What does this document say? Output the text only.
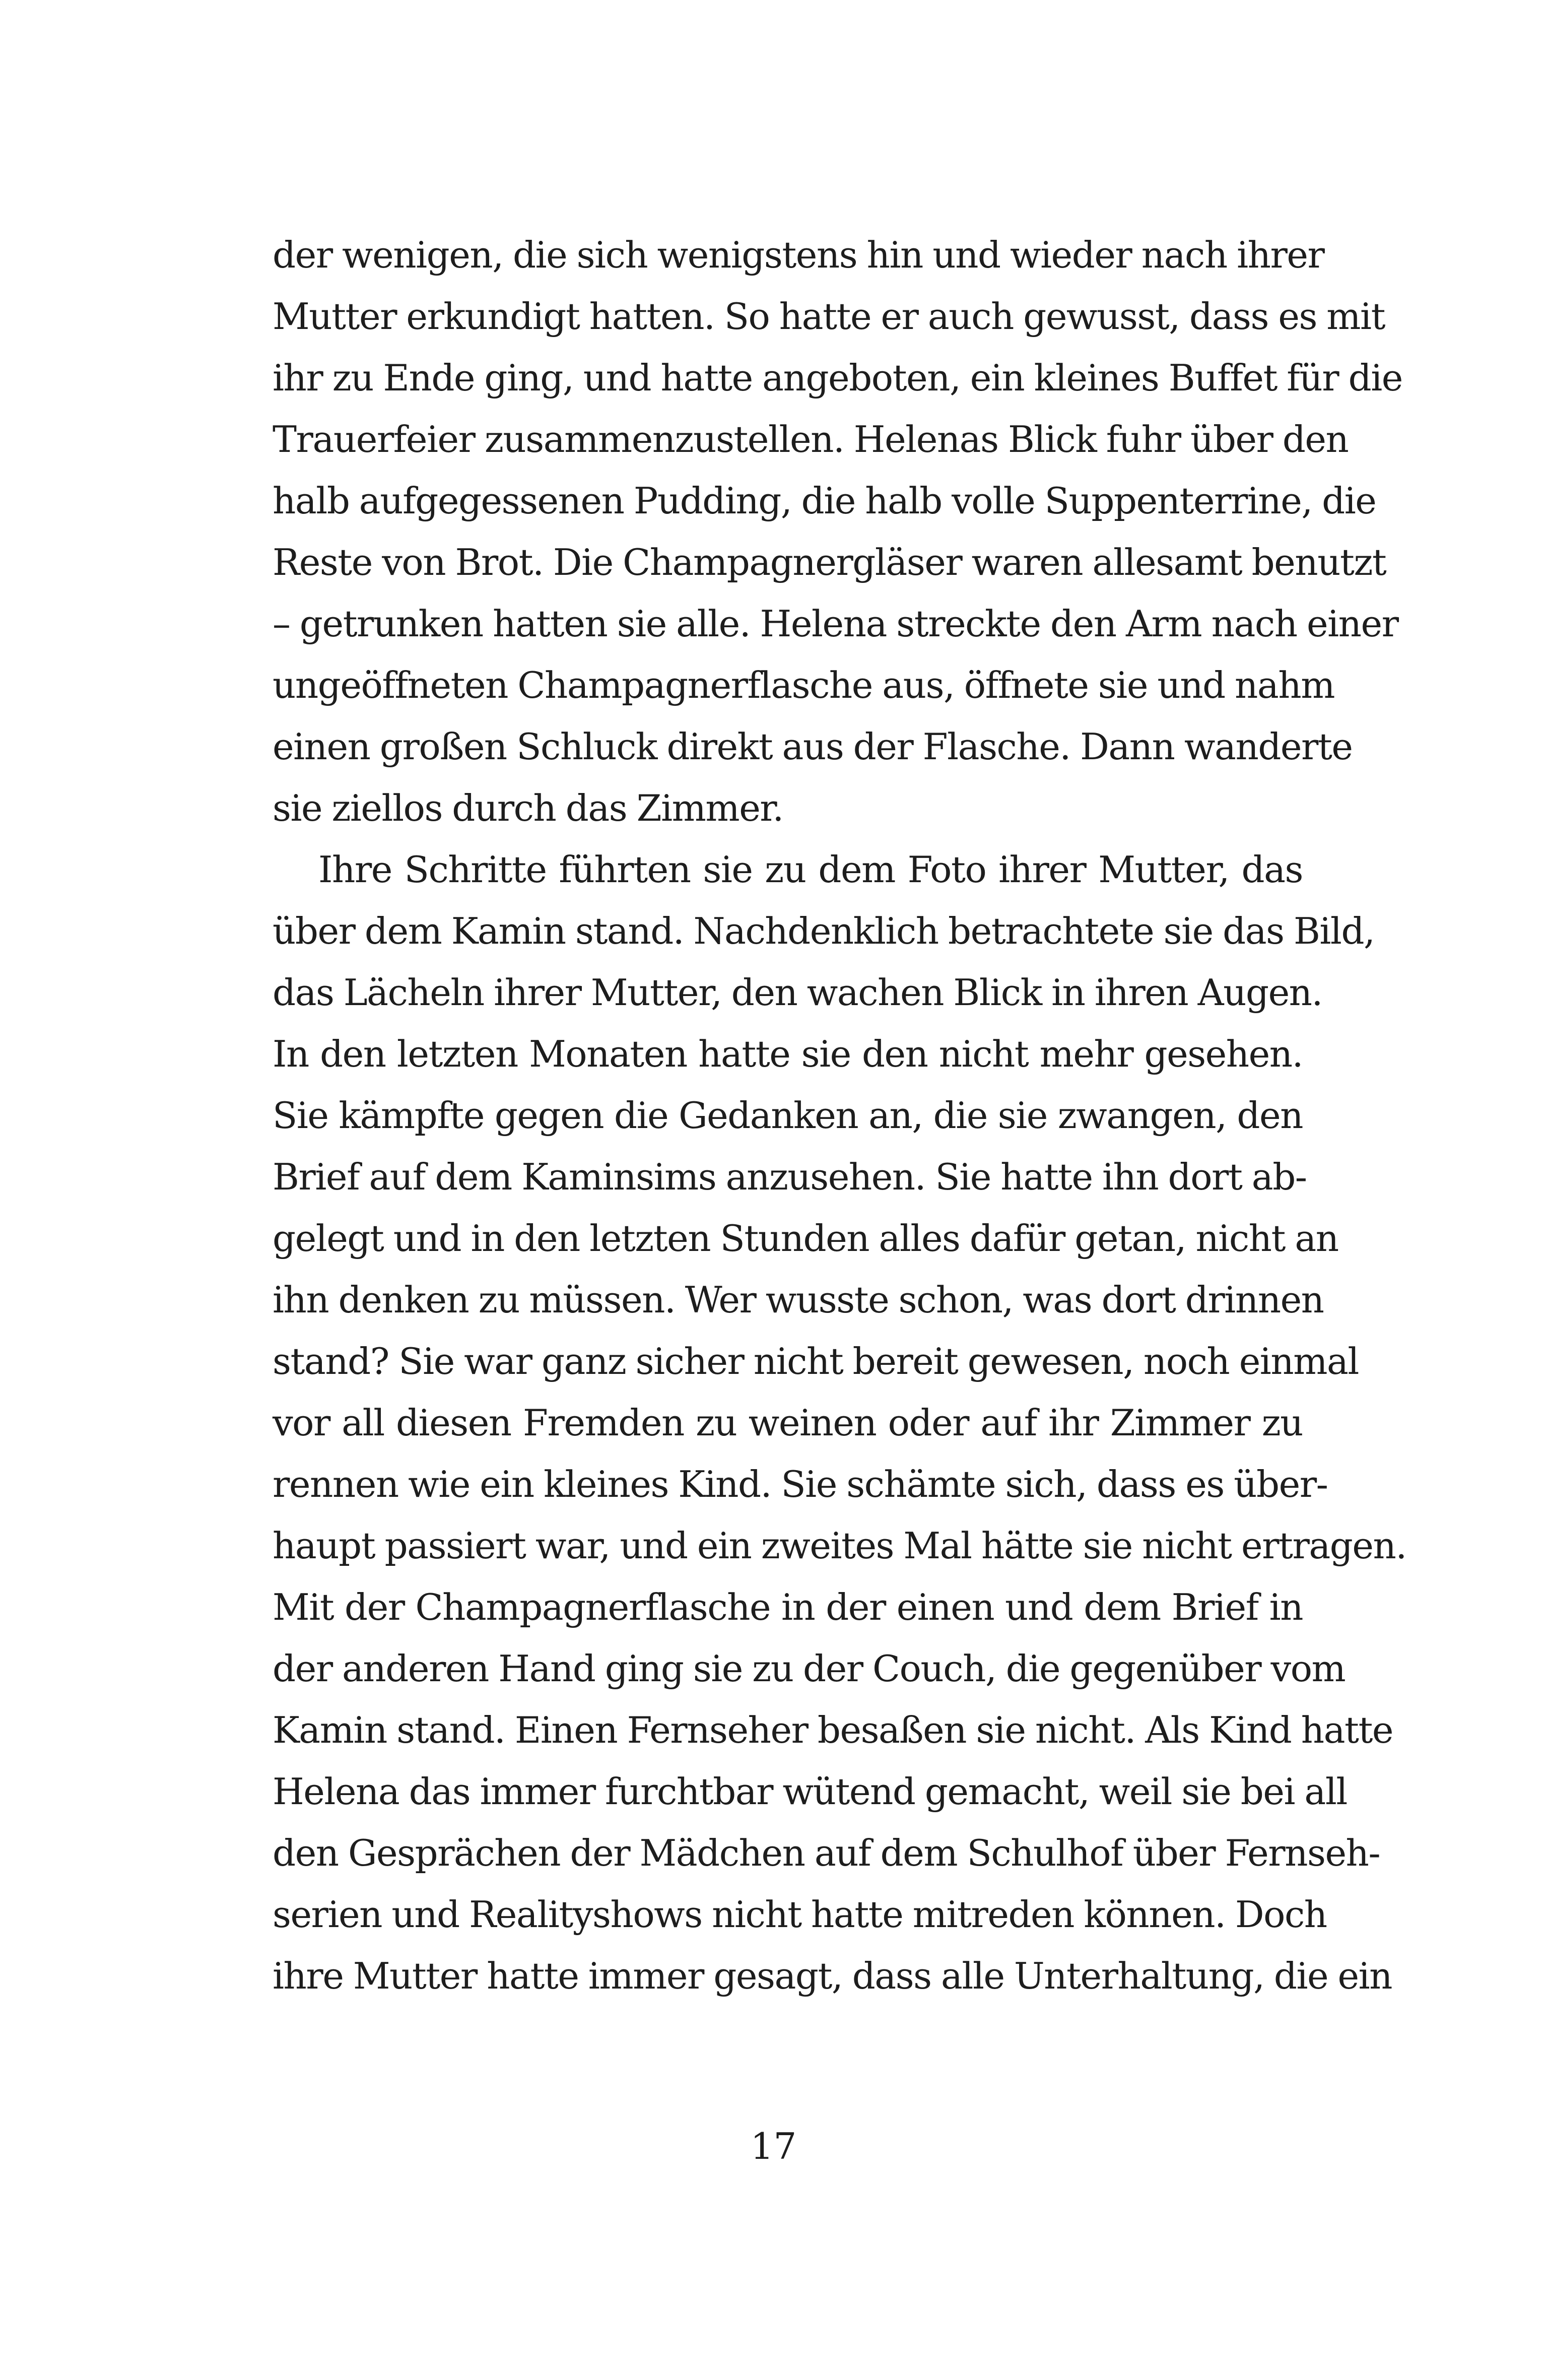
der wenigen, die sich wenigstens hin und wieder nach ihrer
Mutter erkundigt hatten. So hatte er auch gewusst, dass es mit
ihr zu Ende ging, und hatte angeboten, ein kleines Buffet für die
Trauerfeier zusammenzustellen. Helenas Blick fuhr über den
halb aufgegessenen Pudding, die halb volle Suppenterrine, die
Reste von Brot. Die Champagnergläser waren allesamt benutzt
– getrunken hatten sie alle. Helena streckte den Arm nach einer
ungeöffneten Champagnerflasche aus, öffnete sie und nahm
einen großen Schluck direkt aus der Flasche. Dann wanderte
sie ziellos durch das Zimmer.
Ihre Schritte führten sie zu dem Foto ihrer Mutter, das
über dem Kamin stand. Nachdenklich betrachtete sie das Bild,
das Lächeln ihrer Mutter, den wachen Blick in ihren Augen.
In den letzten Monaten hatte sie den nicht mehr gesehen.
Sie kämpfte gegen die Gedanken an, die sie zwangen, den
Brief auf dem Kaminsims anzusehen. Sie hatte ihn dort ab-
gelegt und in den letzten Stunden alles dafür getan, nicht an
ihn denken zu müssen. Wer wusste schon, was dort drinnen
stand? Sie war ganz sicher nicht bereit gewesen, noch einmal
vor all diesen Fremden zu weinen oder auf ihr Zimmer zu
rennen wie ein kleines Kind. Sie schämte sich, dass es über-
haupt passiert war, und ein zweites Mal hätte sie nicht ertragen.
Mit der Champagnerflasche in der einen und dem Brief in
der anderen Hand ging sie zu der Couch, die gegenüber vom
Kamin stand. Einen Fernseher besaßen sie nicht. Als Kind hatte
Helena das immer furchtbar wütend gemacht, weil sie bei all
den Gesprächen der Mädchen auf dem Schulhof über Fernseh-
serien und Realityshows nicht hatte mitreden können. Doch
ihre Mutter hatte immer gesagt, dass alle Unterhaltung, die ein
17
